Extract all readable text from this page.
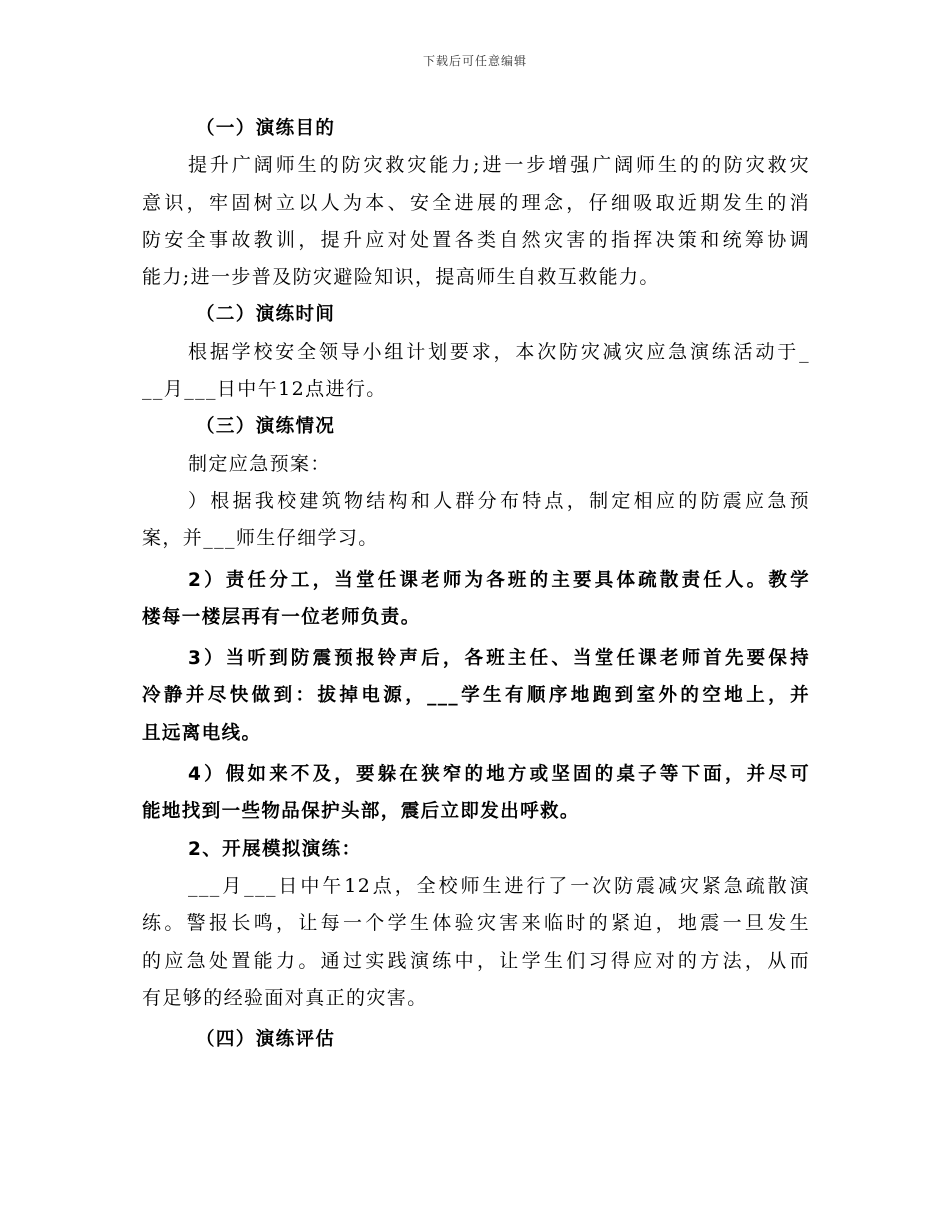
下载后可任意编辑
（一）演练目的
提升广阔师生的防灾救灾能力;进一步增强广阔师生的的防灾救灾
意识，牢固树立以人为本、安全进展的理念，仔细吸取近期发生的消
防安全事故教训，提升应对处置各类自然灾害的指挥决策和统筹协调
能力;进一步普及防灾避险知识，提高师生自救互救能力。
（二）演练时间
根据学校安全领导小组计划要求，本次防灾减灾应急演练活动于_
__月___日中午12点进行。
（三）演练情况
制定应急预案：
）根据我校建筑物结构和人群分布特点，制定相应的防震应急预
案，并___师生仔细学习。
2）责任分工，当堂任课老师为各班的主要具体疏散责任人。教学
楼每一楼层再有一位老师负责。
3）当听到防震预报铃声后，各班主任、当堂任课老师首先要保持
冷静并尽快做到：拔掉电源，___学生有顺序地跑到室外的空地上，并
且远离电线。
4）假如来不及，要躲在狭窄的地方或坚固的桌子等下面，并尽可
能地找到一些物品保护头部，震后立即发出呼救。
2、开展模拟演练：
___月___日中午12点，全校师生进行了一次防震减灾紧急疏散演
练。警报长鸣，让每一个学生体验灾害来临时的紧迫，地震一旦发生
的应急处置能力。通过实践演练中，让学生们习得应对的方法，从而
有足够的经验面对真正的灾害。
（四）演练评估
